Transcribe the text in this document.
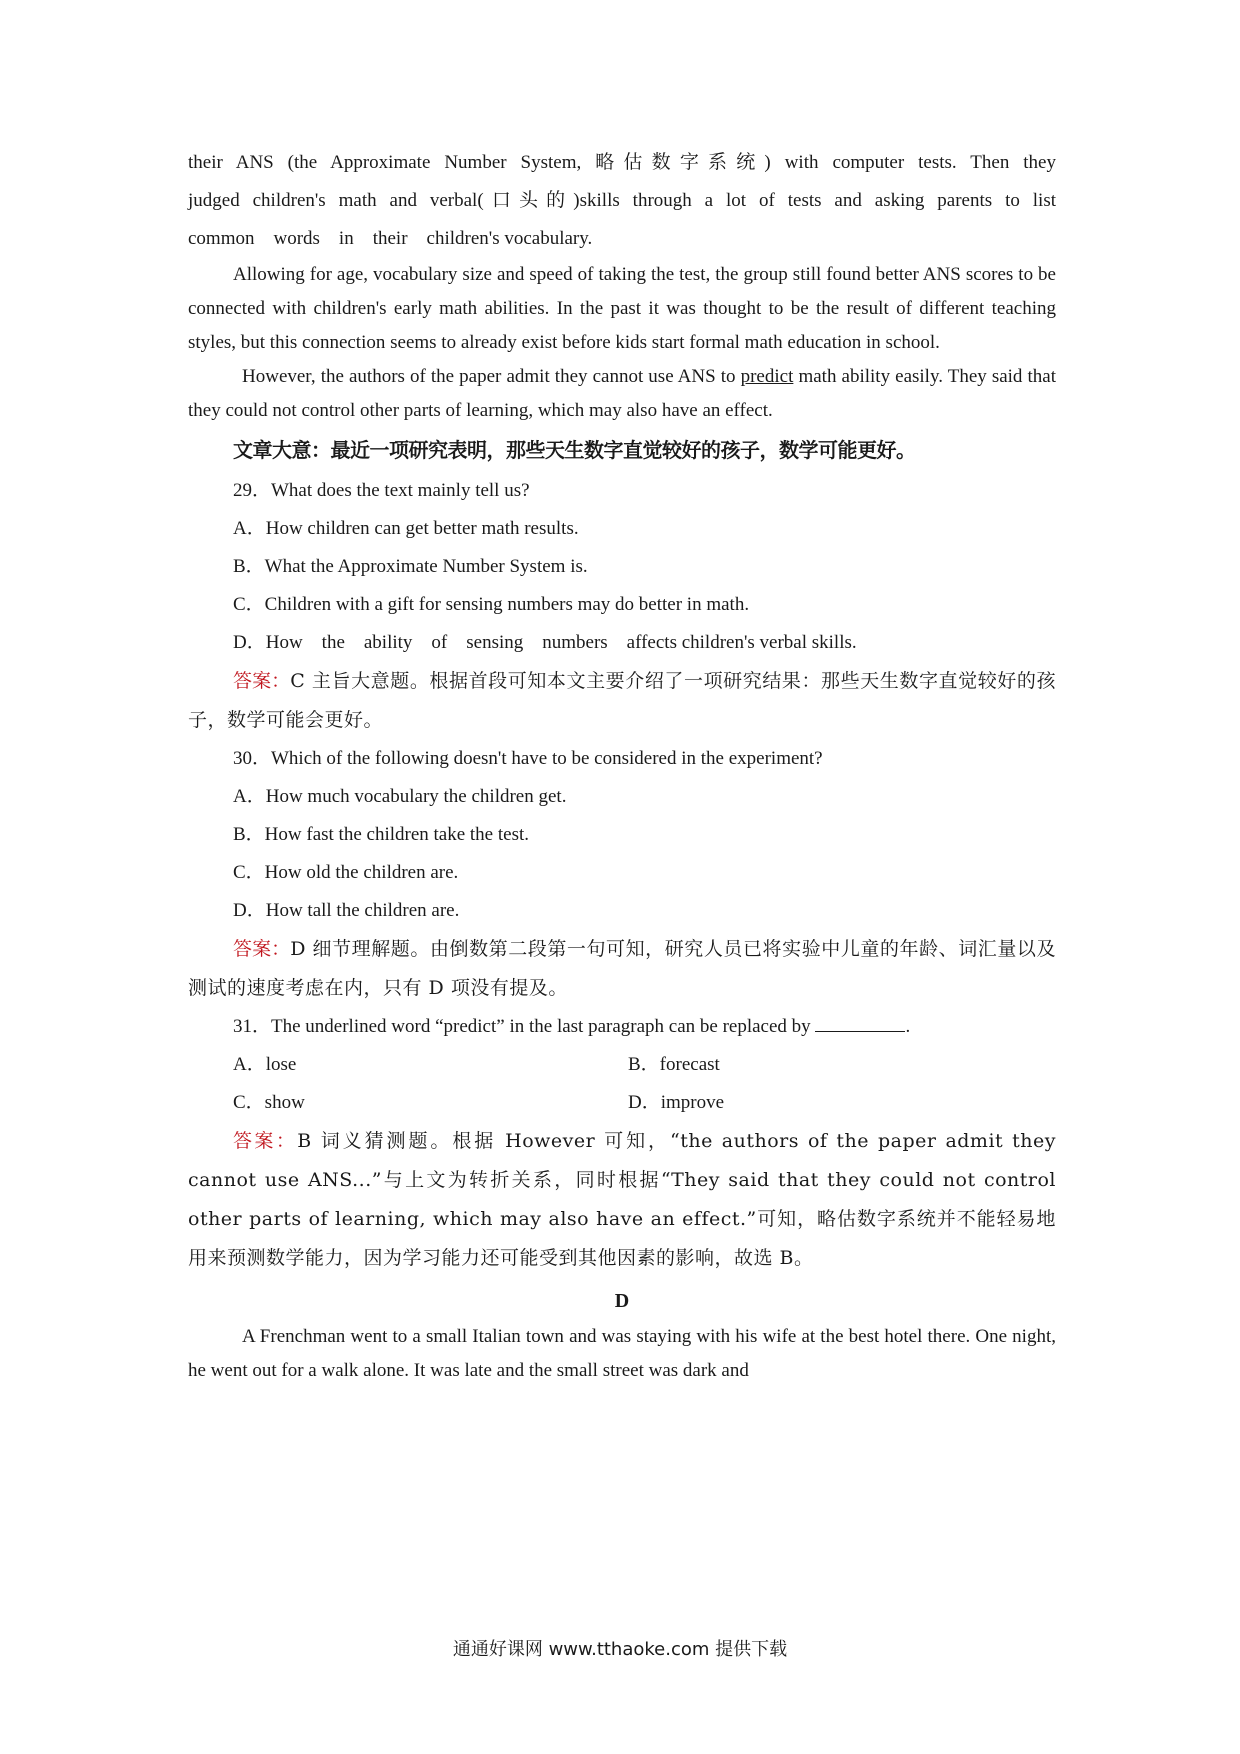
their ANS (the Approximate Number System, 略估数字系统) with computer tests. Then they

judged children's math and verbal(口头的)skills through a lot of tests and asking parents to list

common    words    in    their    children's vocabulary.

Allowing for age, vocabulary size and speed of taking the test, the group still found better ANS scores to be connected with children's early math abilities. In the past it was thought to be the result of different teaching styles, but this connection seems to already exist before kids start formal math education in school.

However, the authors of the paper admit they cannot use ANS to predict math ability easily. They said that they could not control other parts of learning, which may also have an effect.

文章大意：最近一项研究表明，那些天生数字直觉较好的孩子，数学可能更好。

29．What does the text mainly tell us?

A．How children can get better math results.

B．What the Approximate Number System is.

C．Children with a gift for sensing numbers may do better in math.

D．How    the    ability    of    sensing    numbers    affects children's verbal skills.

答案：C 主旨大意题。根据首段可知本文主要介绍了一项研究结果：那些天生数字直觉较好的孩子，数学可能会更好。

30．Which of the following doesn't have to be considered in the experiment?

A．How much vocabulary the children get.

B．How fast the children take the test.

C．How old the children are.

D．How tall the children are.

答案：D 细节理解题。由倒数第二段第一句可知，研究人员已将实验中儿童的年龄、词汇量以及测试的速度考虑在内，只有 D 项没有提及。

31．The underlined word “predict” in the last paragraph can be replaced by	.

A．lose	B．forecast

C．show	D．improve

答案：B 词义猜测题。根据 However 可知，“the authors of the paper admit they cannot use ANS...”与上文为转折关系，同时根据“They said that they could not control other parts of learning, which may also have an effect.”可知，略估数字系统并不能轻易地用来预测数学能力，因为学习能力还可能受到其他因素的影响，故选 B。

D

A Frenchman went to a small Italian town and was staying with his wife at the best hotel there. One night, he went out for a walk alone. It was late and the small street was dark and

通通好课网 www.tthaoke.com 提供下载
